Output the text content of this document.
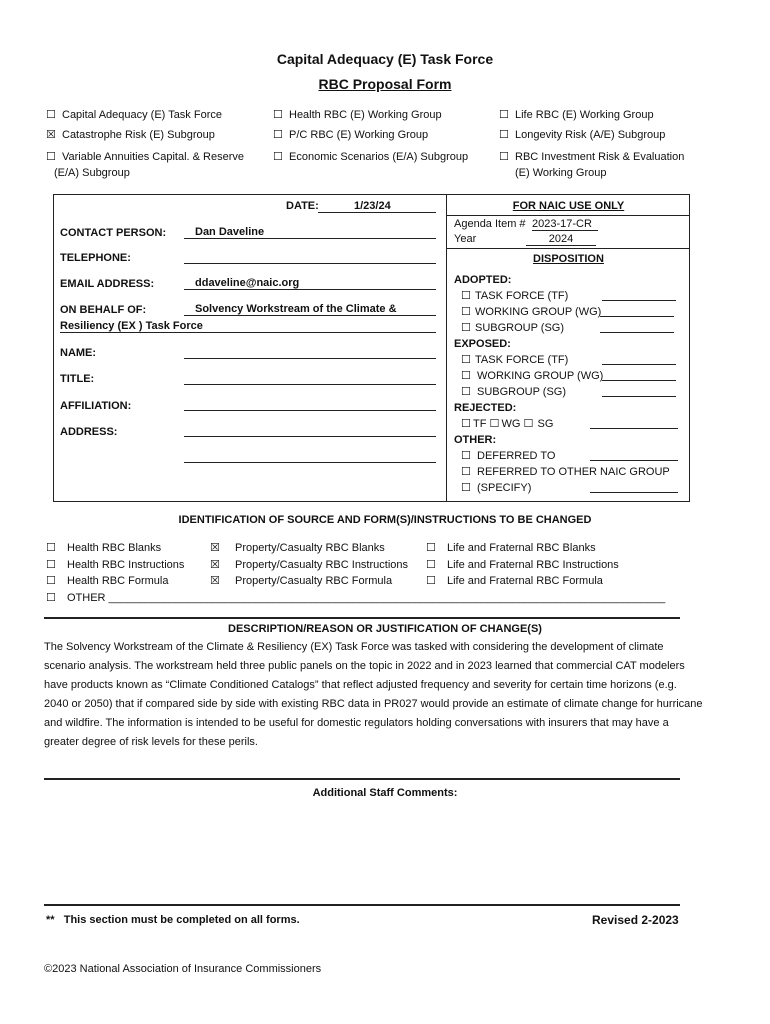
Capital Adequacy (E) Task Force
RBC Proposal Form
☐ Capital Adequacy (E) Task Force	☐ Health RBC (E) Working Group	☐ Life RBC (E) Working Group
☒ Catastrophe Risk (E) Subgroup	☐ P/C RBC (E) Working Group	☐ Longevity Risk (A/E) Subgroup
☐ Variable Annuities Capital. & Reserve
(E/A) Subgroup
☐ Economic Scenarios (E/A) Subgroup	☐ RBC Investment Risk & Evaluation
(E) Working Group
DATE:	1/23/24
CONTACT PERSON:	Dan Daveline
TELEPHONE:
EMAIL ADDRESS:	ddaveline@naic.org
ON BEHALF OF:	Solvency Workstream of the Climate &
Resiliency (EX ) Task Force
NAME:
TITLE:
AFFILIATION:
ADDRESS:
FOR NAIC USE ONLY
Agenda Item # 2023-17-CR
Year	2024
DISPOSITION
ADOPTED:
☐ TASK FORCE (TF)
☐ WORKING GROUP (WG)
☐ SUBGROUP (SG)
EXPOSED:
☐ TASK FORCE (TF)
☐ WORKING GROUP (WG)
☐ SUBGROUP (SG)
REJECTED:
☐ TF ☐ WG ☐ SG
OTHER:
☐ DEFERRED TO
☐ REFERRED TO OTHER NAIC GROUP
☐ (SPECIFY)
IDENTIFICATION OF SOURCE AND FORM(S)/INSTRUCTIONS TO BE CHANGED
☐ Health RBC Blanks	☒ Property/Casualty RBC Blanks	☐ Life and Fraternal RBC Blanks
☐ Health RBC Instructions ☒ Property/Casualty RBC Instructions ☐ Life and Fraternal RBC Instructions
☐ Health RBC Formula	☒ Property/Casualty RBC Formula	☐ Life and Fraternal RBC Formula
☐ OTHER ___________________________________________________________________________________________
DESCRIPTION/REASON OR JUSTIFICATION OF CHANGE(S)
The Solvency Workstream of the Climate & Resiliency (EX) Task Force was tasked with considering the development of climate scenario analysis. The workstream held three public panels on the topic in 2022 and in 2023 learned that commercial CAT modelers have products known as “Climate Conditioned Catalogs” that reflect adjusted frequency and severity for certain time horizons (e.g. 2040 or 2050) that if compared side by side with existing RBC data in PR027 would provide an estimate of climate change for hurricane and wildfire. The information is intended to be useful for domestic regulators holding conversations with insurers that may have a greater degree of risk levels for these perils.
Additional Staff Comments:
**   This section must be completed on all forms.	Revised 2-2023
©2023 National Association of Insurance Commissioners
